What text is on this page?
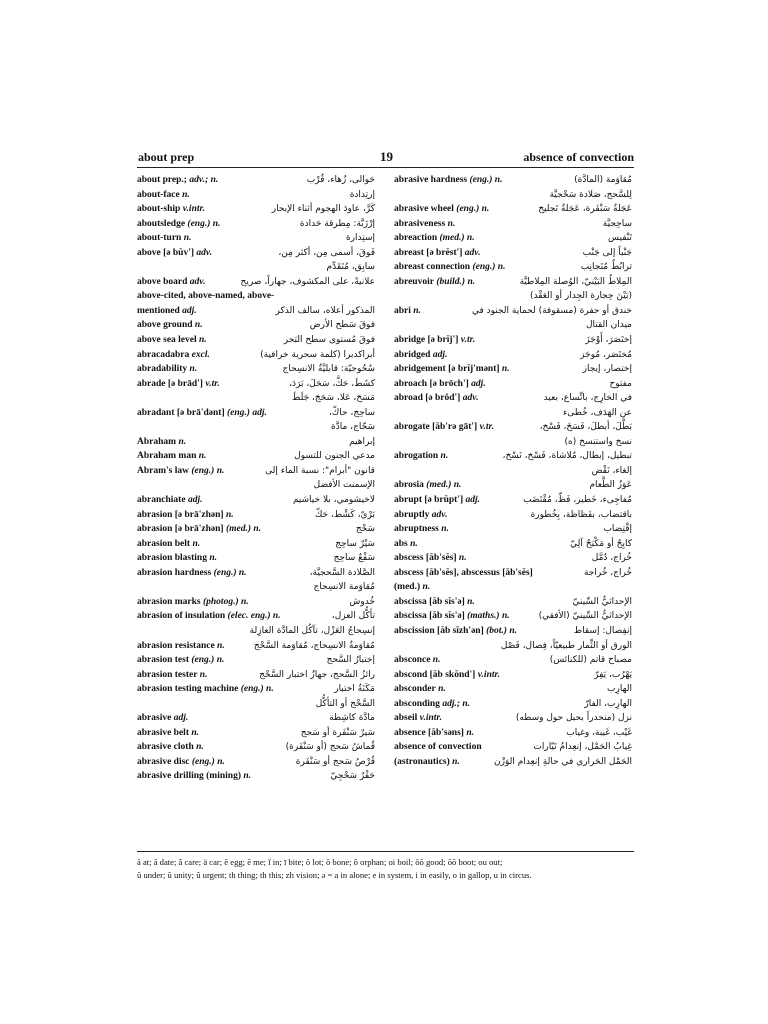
about prep	19	absence of convection
about prep.; adv.; n.	حَوالى، زُهاء، قُرْب
about-face n.	إرتِدادة
about-ship v.intr.	كَرَّ، عاودَ الهجوم أثناء الإبحار
aboutsledge (eng.) n.	إرْزَبَّة: مِطرقة حَدادة
about-turn n.	إستِدارة
above [ə bŭv'] adv.	فَوقَ، أسمى مِن، أكثر مِن،
سابِق، مُتَقَدِّم
above board adv.	علانيةً، على المكشوف، جهاراً، صريح
above-cited, above-named, above-
mentioned adj.	المذكور أعلاه، سالف الذكر
above ground n.	فوقَ سَطح الأرض
above sea level n.	فوقَ مُستوى سطح البَحر
abracadabra excl.	أبراكدبرا (كلمة سحرية خرافية)
abradability n.	سُحُوجيّة: قابليَّةُ الانسِحاج
abrade [ə brād'] v.tr.	كشَطَ، حَكَّ، سَحَلَ، بَرَدَ،
مَسَحَ، عَلا، سَحَجَ، جَلَطَ
abradant [ə brā'dənt] (eng.) adj.	ساحِج، حاكّ،
سَحّاج، مادَّة
Abraham n.	إبراهيم
Abraham man n.	مدعي الجنون للتسول
Abram's law (eng.) n.	قانون "أبرام": نسبة الماء إلى
الإسمنت الأفضل
abranchiate adj.	لاخيشومي، بلا خياشيم
abrasion [ə brā'zhən] n.	بَرْيٌ، كَشْط، حَكّ
abrasion [ə brā'zhən] (med.) n.	سَحْج
abrasion belt n.	سَيْرٌ ساحِج
abrasion blasting n.	سَفْعٌ ساحِج
abrasion hardness (eng.) n.	الصَّلادة السَّحجيَّة،
مُقاوَمة الانسِحاج
abrasion marks (photog.) n.	خُدوش
abrasion of insulation (elec. eng.) n.	تأكُّل العزل،
إنسِحاجُ العَزْل، تآكُل المادَّة العازِلة
abrasion resistance n.	مُقاوَمةُ الانسِحاج، مُقاوَمة السَّحْج
abrasion test (eng.) n.	إختبارُ السَّحج
abrasion tester n.	رائزُ السَّحج، جهازُ اختبار السَّحْج
abrasion testing machine (eng.) n.	مَكَنَةُ اختبار
السَّحْج أو التأكُّل
abrasive adj.	مادَّة كاشِطة
abrasive belt n.	سَيرٌ سَنْفَرة أو سَحج
abrasive cloth n.	قُماشُ سَحج (أو سَنْفَرة)
abrasive disc (eng.) n.	قُرْصُ سَحج أو سَنْفَرة
abrasive drilling (mining) n.	حَفْرٌ سَحْجِيّ
abrasive hardness (eng.) n.	مُقاوَمة (المادَّة)
لِلسَّحج، صَلادة سَحْجيَّة
abrasive wheel (eng.) n.	عَجَلةُ سَنْفَرة، عَجَلةُ تَجليخ
abrasiveness n.	ساحِجيَّة
abreaction (med.) n.	تَنْفيس
abreast [ə brĕst'] adv.	جَنْباً إلى جَنْب
abreast connection (eng.) n.	ترابُطٌ مُتَجانِب
abreuvoir (build.) n.	المِلاطُ البَيْنيّ، الوُصلة المِلاطيَّة
(بَيْنَ حِجارة الجِدار أو العَقْد)
abri n.	خندق أو حفرة (مسقوفة) لحماية الجنود في
ميدان القتال
abridge [ə brĭj'] v.tr.	إختَصَرَ، أَوْجَزَ
abridged adj.	مُختَصَر، مُوجَز
abridgement [ə brĭj'mənt] n.	إختصار، إيجاز
abroach [ə brōch'] adj.	مفتوح
abroad [ə brôd'] adv.	في الخارِج، باتِّساع، بعيد
عن الهَدَف، خُطىء
abrogate [ăb'rə gāt'] v.tr.	بَطَّلَ، أبطلَ، فَسَخَ، فَسْخ،
نسخ واستنسخ (ه)
abrogation n.	تبطيل، إبطال، مُلاشاة، فَسْخ، نَسْخ،
إلغاء، نَقْض
abrosia (med.) n.	عَوَزُ الطَّعام
abrupt [ə brŭpt'] adj.	مُفاجِىء، خَطير، فَظّ، مُقْتَضَب
abruptly adv.	باقتضاب، بفَظاظة، بِخُطورة
abruptness n.	إقْتِضاب
abs n.	كابِحٌ أو مَكْبَحٌ آلِيّ
abscess [ăb'sĕs] n.	خُراج، دُمَّل
abscess [ăb'sĕs], abscessus [ăb'sĕs]	خُراج، خُراجة
(med.) n.
abscissa [ăb sĭs'ə] n.	الإحداثيُّ السِّينيّ
abscissa [ăb sĭs'ə] (maths.) n.	الإحداثيُّ السِّينيّ (الأفقي)
abscission [ăb sĭzh'ən] (bot.) n.	إنفِصال: إسقاط
الورق أو الثِّمار طبيعيّاً، فِصال، فَصْل
absconce n.	مصباح قاتم (للكنائس)
abscond [ăb skŏnd'] v.intr.	يَهْرُب، يَفِرّ
absconder n.	الهارِب
absconding adj.; n.	الهارِب، الفارّ
abseil v.intr.	نزل (منحدراً بحبل حول وسطه)
absence [ăb'səns] n.	غَيْب، غَيبة، وغياب
absence of convection	غِيابُ الحَمْل، إنعِدامُ تَيّارات
(astronautics) n.	الحَمْل الحَراري في حالةِ إنعِدام الوَزْن
ă at; ā date; â care; ä car; ĕ egg; ē me; ĭ in; ī bite; ŏ lot; ō bone; ô orphan; oi boil; ŏŏ good; ōō boot; ou out;
ŭ under; ū unity; û urgent; th thing; th this; zh vision; ə = a in alone; e in system, i in easily, o in gallop, u in circus.
